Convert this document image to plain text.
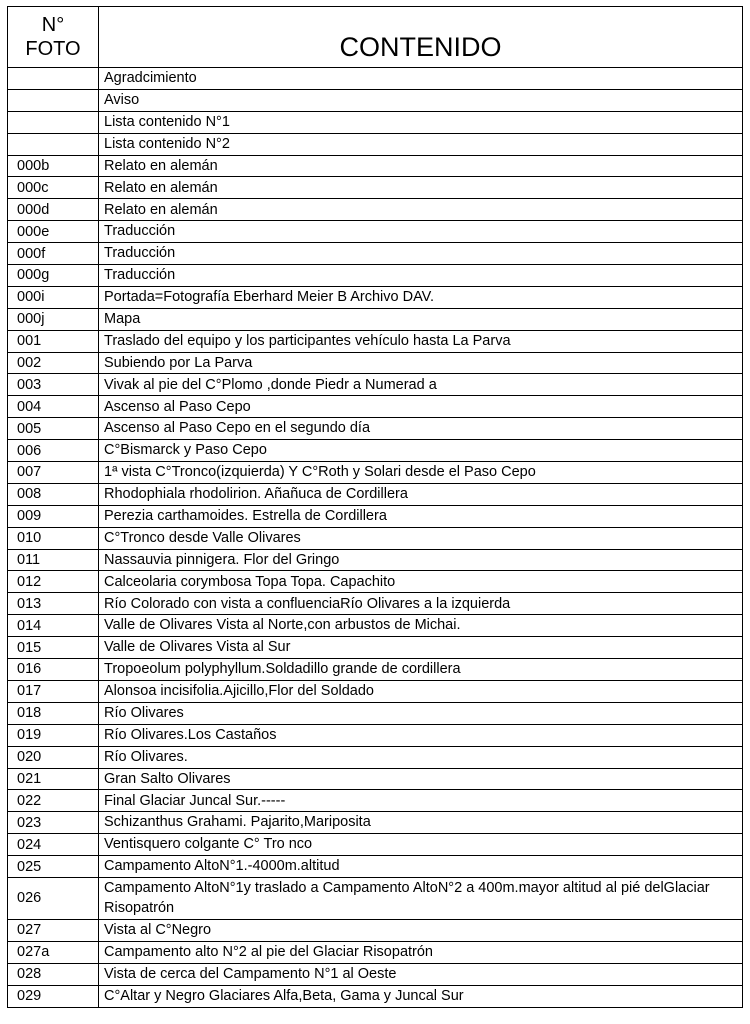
N°
FOTO	CONTENIDO
	Agradcimiento
	Aviso
	Lista contenido N°1
	Lista contenido N°2
000b	Relato en alemán
000c	Relato en alemán
000d	Relato en alemán
000e	Traducción
000f	Traducción
000g	Traducción
000i	Portada=Fotografía Eberhard Meier B Archivo DAV.
000j	Mapa
001	Traslado del equipo y los participantes vehículo hasta La Parva
002	Subiendo por La Parva
003	Vivak al pie del C°Plomo ,donde Piedr a Numerad a
004	Ascenso al Paso Cepo
005	Ascenso al Paso Cepo en el segundo día
006	C°Bismarck y Paso Cepo
007	1ª vista C°Tronco(izquierda) Y C°Roth y Solari desde el Paso Cepo
008	Rhodophiala rhodolirion. Añañuca de Cordillera
009	Perezia carthamoides. Estrella de Cordillera
010	C°Tronco desde Valle Olivares
011	Nassauvia pinnigera. Flor del Gringo
012	Calceolaria corymbosa Topa Topa. Capachito
013	Río Colorado con vista a confluenciaRío Olivares a la izquierda
014	Valle de Olivares Vista al Norte,con arbustos de Michai.
015	Valle de Olivares Vista al Sur
016	Tropoeolum polyphyllum.Soldadillo grande de cordillera
017	Alonsoa incisifolia.Ajicillo,Flor del Soldado
018	Río Olivares
019	Río Olivares.Los Castaños
020	Río Olivares.
021	Gran Salto Olivares
022	Final Glaciar Juncal Sur.-----
023	Schizanthus Grahami. Pajarito,Mariposita
024	Ventisquero colgante C° Tro nco
025	Campamento AltoN°1.-4000m.altitud
026	Campamento AltoN°1y traslado a Campamento AltoN°2 a 400m.mayor altitud al pié delGlaciar Risopatrón
027	Vista al C°Negro
027a	Campamento alto N°2 al pie del Glaciar Risopatrón
028	Vista de cerca del Campamento N°1 al Oeste
029	C°Altar y Negro Glaciares Alfa,Beta, Gama y Juncal Sur
